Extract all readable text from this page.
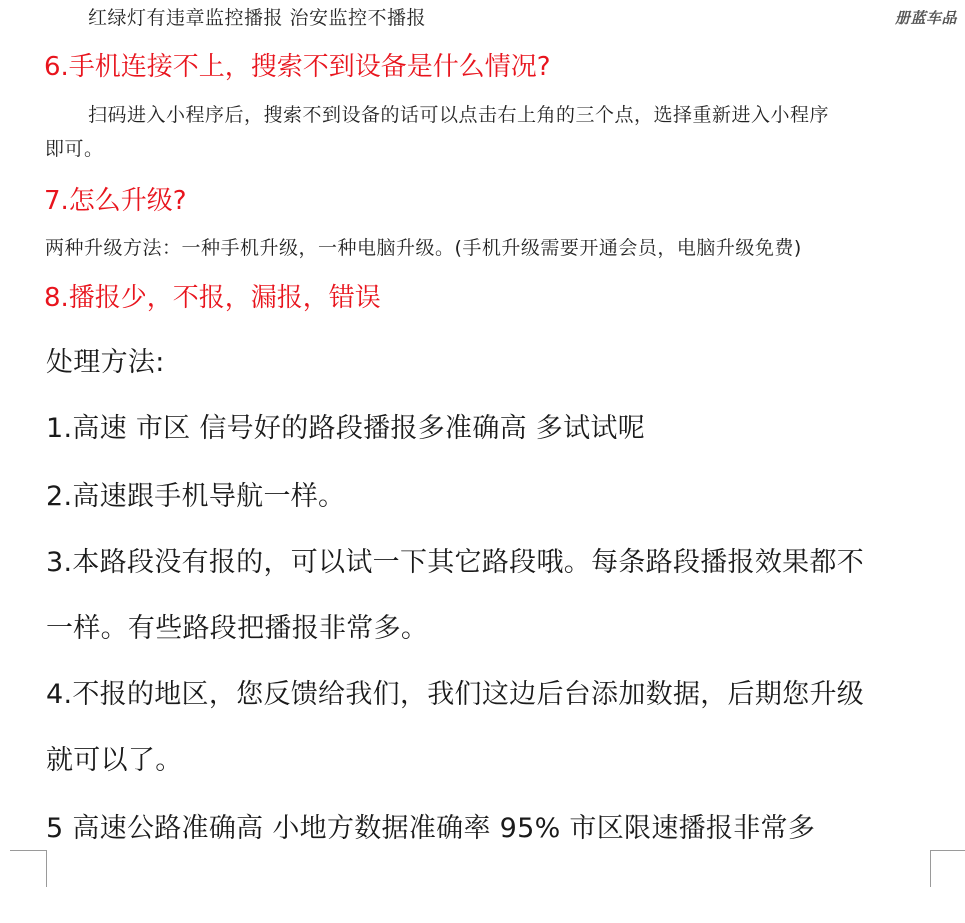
红绿灯有违章监控播报 治安监控不播报	册蓝车品

6.手机连接不上，搜索不到设备是什么情况?

扫码进入小程序后，搜索不到设备的话可以点击右上角的三个点，选择重新进入小程序

即可。

7.怎么升级?

两种升级方法：一种手机升级，一种电脑升级。(手机升级需要开通会员，电脑升级免费)

8.播报少，不报，漏报，错误

处理方法:

1.高速 市区 信号好的路段播报多准确高 多试试呢

2.高速跟手机导航一样。

3.本路段没有报的，可以试一下其它路段哦。每条路段播报效果都不

一样。有些路段把播报非常多。

4.不报的地区，您反馈给我们，我们这边后台添加数据，后期您升级

就可以了。

5 高速公路准确高 小地方数据准确率 95% 市区限速播报非常多
